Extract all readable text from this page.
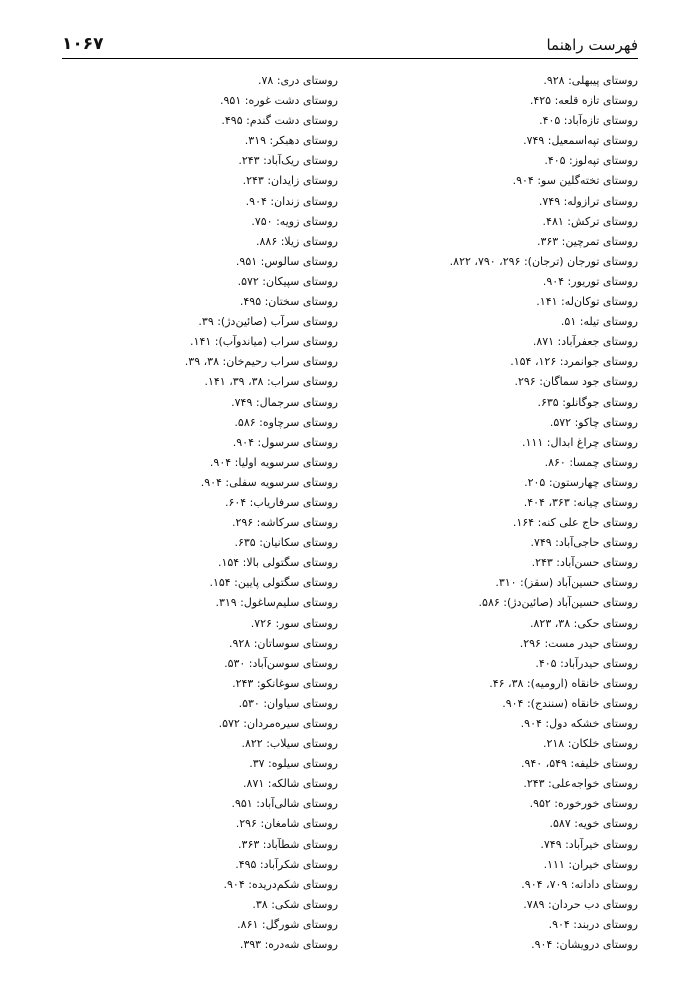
فهرست راهنما
۱۰۶۷
روستای پیبهلی: ۹۲۸.
روستای تازه قلعه: ۴۲۵.
روستای تازه‌آباد: ۴۰۵.
روستای تپه‌اسمعیل: ۷۴۹.
روستای تپه‌لوز: ۴۰۵.
روستای تخته‌گلین سو: ۹۰۴.
روستای ترازوله: ۷۴۹.
روستای ترکش: ۴۸۱.
روستای تمرچین: ۳۶۳.
روستای تورجان (ترجان): ۲۹۶، ۷۹۰، ۸۲۲.
روستای توریور: ۹۰۴.
روستای توکان‌له: ۱۴۱.
روستای تیله: ۵۱.
روستای جعفرآباد: ۸۷۱.
روستای جوانمرد: ۱۲۶، ۱۵۴.
روستای جود سماگان: ۲۹۶.
روستای جوگانلو: ۶۳۵.
روستای چاکو: ۵۷۲.
روستای چراغ ابدال: ۱۱۱.
روستای چمسا: ۸۶۰.
روستای چهارستون: ۲۰۵.
روستای چیانه: ۳۶۳، ۴۰۴.
روستای حاج علی کنه: ۱۶۴.
روستای حاجی‌آباد: ۷۴۹.
روستای حسن‌آباد: ۲۴۳.
روستای حسین‌آباد (سقز): ۳۱۰.
روستای حسین‌آباد (صائین‌دژ): ۵۸۶.
روستای حکی: ۳۸، ۸۲۳.
روستای حیدر مست: ۲۹۶.
روستای حیدرآباد: ۴۰۵.
روستای خانقاه (ارومیه): ۳۸، ۴۶.
روستای خانقاه (سنندج): ۹۰۴.
روستای خشکه دول: ۹۰۴.
روستای خلکان: ۲۱۸.
روستای خلیفه: ۵۴۹، ۹۴۰.
روستای خواجه‌علی: ۲۴۳.
روستای خورخوره: ۹۵۲.
روستای خویه: ۵۸۷.
روستای خیرآباد: ۷۴۹.
روستای خیران: ۱۱۱.
روستای دادانه: ۷۰۹، ۹۰۴.
روستای دب حردان: ۷۸۹.
روستای دربند: ۹۰۴.
روستای درویشان: ۹۰۴.
روستای دری: ۷۸.
روستای دشت غوره: ۹۵۱.
روستای دشت گندم: ۴۹۵.
روستای دهبکر: ۳۱۹.
روستای ریک‌آباد: ۲۴۳.
روستای زایدان: ۲۴۳.
روستای زندان: ۹۰۴.
روستای زویه: ۷۵۰.
روستای زیلا: ۸۸۶.
روستای سالوس: ۹۵۱.
روستای سپیکان: ۵۷۲.
روستای سختان: ۴۹۵.
روستای سرآب (صائین‌دژ): ۳۹.
روستای سراب (میاندوآب): ۱۴۱.
روستای سراب رحیم‌خان: ۳۸، ۳۹.
روستای سراب: ۳۸، ۳۹، ۱۴۱.
روستای سرجمال: ۷۴۹.
روستای سرچاوه: ۵۸۶.
روستای سرسول: ۹۰۴.
روستای سرسویه اولیا: ۹۰۴.
روستای سرسویه سفلی: ۹۰۴.
روستای سرفاریاب: ۶۰۴.
روستای سرکاشه: ۲۹۶.
روستای سکانیان: ۶۳۵.
روستای سگتولی بالا: ۱۵۴.
روستای سگتولی پایین: ۱۵۴.
روستای سلیم‌ساغول: ۳۱۹.
روستای سور: ۷۲۶.
روستای سوساتان: ۹۲۸.
روستای سوسن‌آباد: ۵۳۰.
روستای سوغانکو: ۲۴۳.
روستای سیاوان: ۵۳۰.
روستای سیره‌مردان: ۵۷۲.
روستای سیلاب: ۸۲۲.
روستای سیلوه: ۳۷.
روستای شالکه: ۸۷۱.
روستای شالی‌آباد: ۹۵۱.
روستای شامغان: ۲۹۶.
روستای شطآباد: ۳۶۳.
روستای شکرآباد: ۴۹۵.
روستای شکم‌دریده: ۹۰۴.
روستای شکی: ۳۸.
روستای شورگل: ۸۶۱.
روستای شه‌دره: ۳۹۳.
